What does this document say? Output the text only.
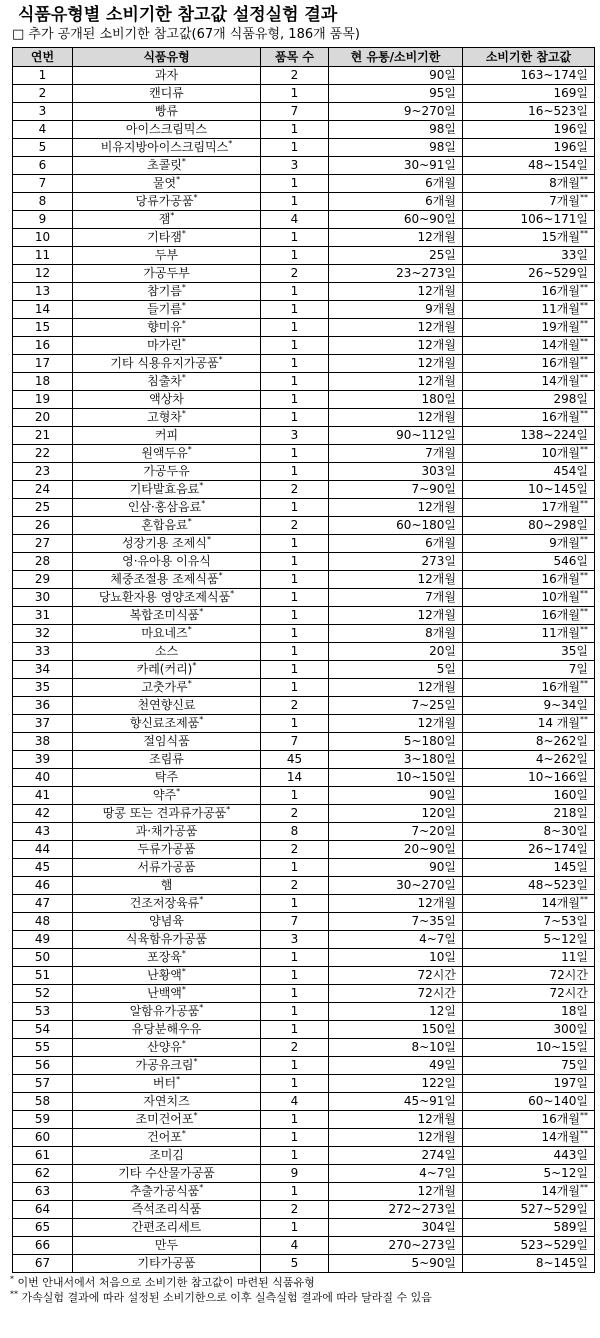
식품유형별 소비기한 참고값 설정실험 결과
□ 추가 공개된 소비기한 참고값(67개 식품유형, 186개 품목)
연번	식품유형	품목 수	현 유통/소비기한	소비기한 참고값
1	과자	2	90일	163~174일
2	캔디류	1	95일	169일
3	빵류	7	9~270일	16~523일
4	아이스크림믹스	1	98일	196일
5	비유지방아이스크림믹스*	1	98일	196일
6	초콜릿*	3	30~91일	48~154일
7	물엿*	1	6개월	8개월**
8	당류가공품*	1	6개월	7개월**
9	잼*	4	60~90일	106~171일
10	기타잼*	1	12개월	15개월**
11	두부	1	25일	33일
12	가공두부	2	23~273일	26~529일
13	참기름*	1	12개월	16개월**
14	들기름*	1	9개월	11개월**
15	향미유*	1	12개월	19개월**
16	마가린*	1	12개월	14개월**
17	기타 식용유지가공품*	1	12개월	16개월**
18	침출차*	1	12개월	14개월**
19	액상차	1	180일	298일
20	고형차*	1	12개월	16개월**
21	커피	3	90~112일	138~224일
22	원액두유*	1	7개월	10개월**
23	가공두유	1	303일	454일
24	기타발효음료*	2	7~90일	10~145일
25	인삼·홍삼음료*	1	12개월	17개월**
26	혼합음료*	2	60~180일	80~298일
27	성장기용 조제식*	1	6개월	9개월**
28	영·유아용 이유식	1	273일	546일
29	체중조절용 조제식품*	1	12개월	16개월**
30	당뇨환자용 영양조제식품*	1	7개월	10개월**
31	복합조미식품*	1	12개월	16개월**
32	마요네즈*	1	8개월	11개월**
33	소스	1	20일	35일
34	카레(커리)*	1	5일	7일
35	고춧가루*	1	12개월	16개월**
36	천연향신료	2	7~25일	9~34일
37	향신료조제품*	1	12개월	14 개월**
38	절임식품	7	5~180일	8~262일
39	조림류	45	3~180일	4~262일
40	탁주	14	10~150일	10~166일
41	약주*	1	90일	160일
42	땅콩 또는 견과류가공품*	2	120일	218일
43	과·채가공품	8	7~20일	8~30일
44	두류가공품	2	20~90일	26~174일
45	서류가공품	1	90일	145일
46	햄	2	30~270일	48~523일
47	건조저장육류*	1	12개월	14개월**
48	양념육	7	7~35일	7~53일
49	식육함유가공품	3	4~7일	5~12일
50	포장육*	1	10일	11일
51	난황액*	1	72시간	72시간
52	난백액*	1	72시간	72시간
53	알함유가공품*	1	12일	18일
54	유당분해우유	1	150일	300일
55	산양유*	2	8~10일	10~15일
56	가공유크림*	1	49일	75일
57	버터*	1	122일	197일
58	자연치즈	4	45~91일	60~140일
59	조미건어포*	1	12개월	16개월**
60	건어포*	1	12개월	14개월**
61	조미김	1	274일	443일
62	기타 수산물가공품	9	4~7일	5~12일
63	추출가공식품*	1	12개월	14개월**
64	즉석조리식품	2	272~273일	527~529일
65	간편조리세트	1	304일	589일
66	만두	4	270~273일	523~529일
67	기타가공품	5	5~90일	8~145일
* 이번 안내서에서 처음으로 소비기한 참고값이 마련된 식품유형
** 가속실험 결과에 따라 설정된 소비기한으로 이후 실측실험 결과에 따라 달라질 수 있음
